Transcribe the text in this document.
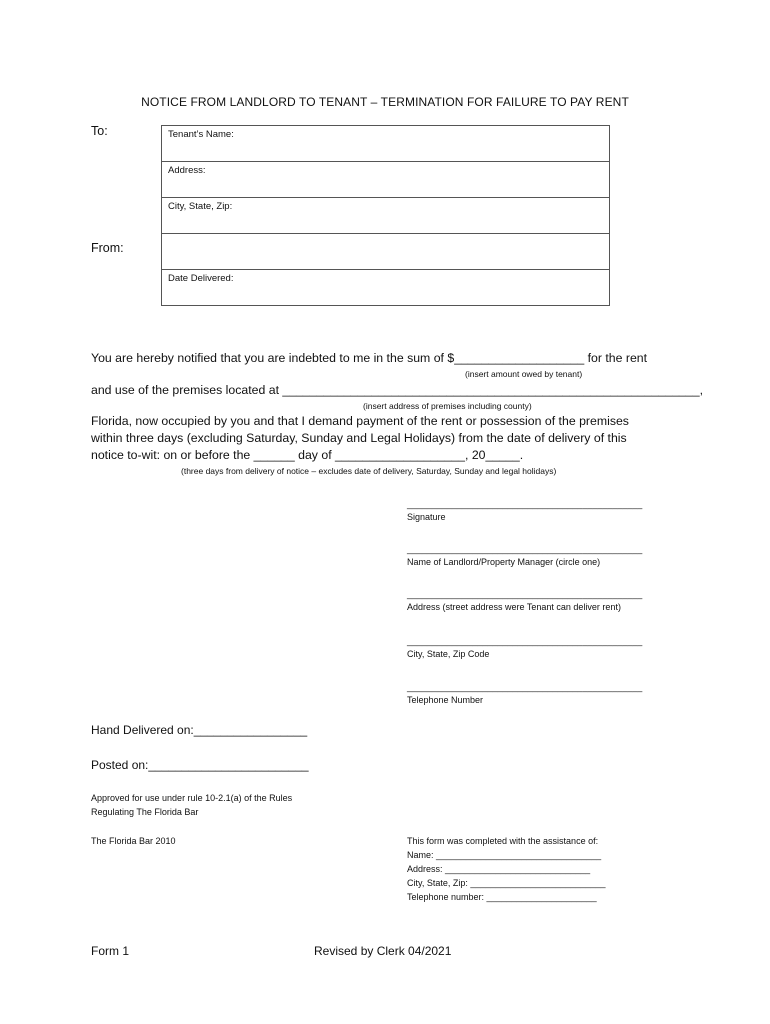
NOTICE FROM LANDLORD TO TENANT – TERMINATION FOR FAILURE TO PAY RENT
To:
From:
Tenant’s Name:
Address:
City, State, Zip:
Date Delivered:
You are hereby notified that you are indebted to me in the sum of $___________________ for the rent
(insert amount owed by tenant)
and use of the premises located at _____________________________________________________________,
(insert address of premises including county)
Florida, now occupied by you and that I demand payment of the rent or possession of the premises
within three days (excluding Saturday, Sunday and Legal Holidays) from the date of delivery of this
notice to-wit: on or before the ______ day of ___________________, 20_____.
(three days from delivery of notice – excludes date of delivery, Saturday, Sunday and legal holidays)
_______________________________________________
Signature
_______________________________________________
Name of Landlord/Property Manager (circle one)
_______________________________________________
Address (street address were Tenant can deliver rent)
_______________________________________________
City, State, Zip Code
_______________________________________________
Telephone Number
Hand Delivered on:_________________
Posted on:________________________
Approved for use under rule 10-2.1(a) of the Rules
Regulating The Florida Bar
The Florida Bar 2010	This form was completed with the assistance of:
Name: _________________________________
Address: _____________________________
City, State, Zip: ___________________________
Telephone number: ______________________
Form 1	Revised by Clerk 04/2021
